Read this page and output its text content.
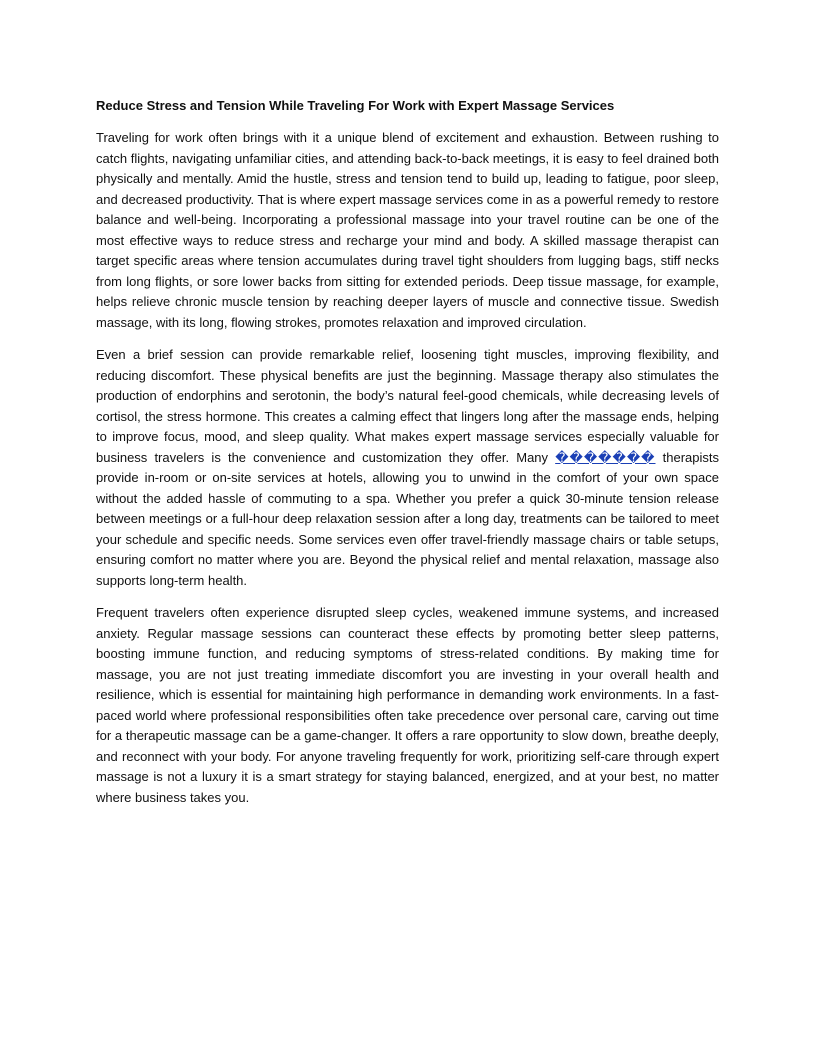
Reduce Stress and Tension While Traveling For Work with Expert Massage Services

Traveling for work often brings with it a unique blend of excitement and exhaustion. Between rushing to catch flights, navigating unfamiliar cities, and attending back-to-back meetings, it is easy to feel drained both physically and mentally. Amid the hustle, stress and tension tend to build up, leading to fatigue, poor sleep, and decreased productivity. That is where expert massage services come in as a powerful remedy to restore balance and well-being. Incorporating a professional massage into your travel routine can be one of the most effective ways to reduce stress and recharge your mind and body. A skilled massage therapist can target specific areas where tension accumulates during travel tight shoulders from lugging bags, stiff necks from long flights, or sore lower backs from sitting for extended periods. Deep tissue massage, for example, helps relieve chronic muscle tension by reaching deeper layers of muscle and connective tissue. Swedish massage, with its long, flowing strokes, promotes relaxation and improved circulation.

Even a brief session can provide remarkable relief, loosening tight muscles, improving flexibility, and reducing discomfort. These physical benefits are just the beginning. Massage therapy also stimulates the production of endorphins and serotonin, the body’s natural feel-good chemicals, while decreasing levels of cortisol, the stress hormone. This creates a calming effect that lingers long after the massage ends, helping to improve focus, mood, and sleep quality. What makes expert massage services especially valuable for business travelers is the convenience and customization they offer. Many ������� therapists provide in-room or on-site services at hotels, allowing you to unwind in the comfort of your own space without the added hassle of commuting to a spa. Whether you prefer a quick 30-minute tension release between meetings or a full-hour deep relaxation session after a long day, treatments can be tailored to meet your schedule and specific needs. Some services even offer travel-friendly massage chairs or table setups, ensuring comfort no matter where you are. Beyond the physical relief and mental relaxation, massage also supports long-term health.

Frequent travelers often experience disrupted sleep cycles, weakened immune systems, and increased anxiety. Regular massage sessions can counteract these effects by promoting better sleep patterns, boosting immune function, and reducing symptoms of stress-related conditions. By making time for massage, you are not just treating immediate discomfort you are investing in your overall health and resilience, which is essential for maintaining high performance in demanding work environments. In a fast-paced world where professional responsibilities often take precedence over personal care, carving out time for a therapeutic massage can be a game-changer. It offers a rare opportunity to slow down, breathe deeply, and reconnect with your body. For anyone traveling frequently for work, prioritizing self-care through expert massage is not a luxury it is a smart strategy for staying balanced, energized, and at your best, no matter where business takes you.
